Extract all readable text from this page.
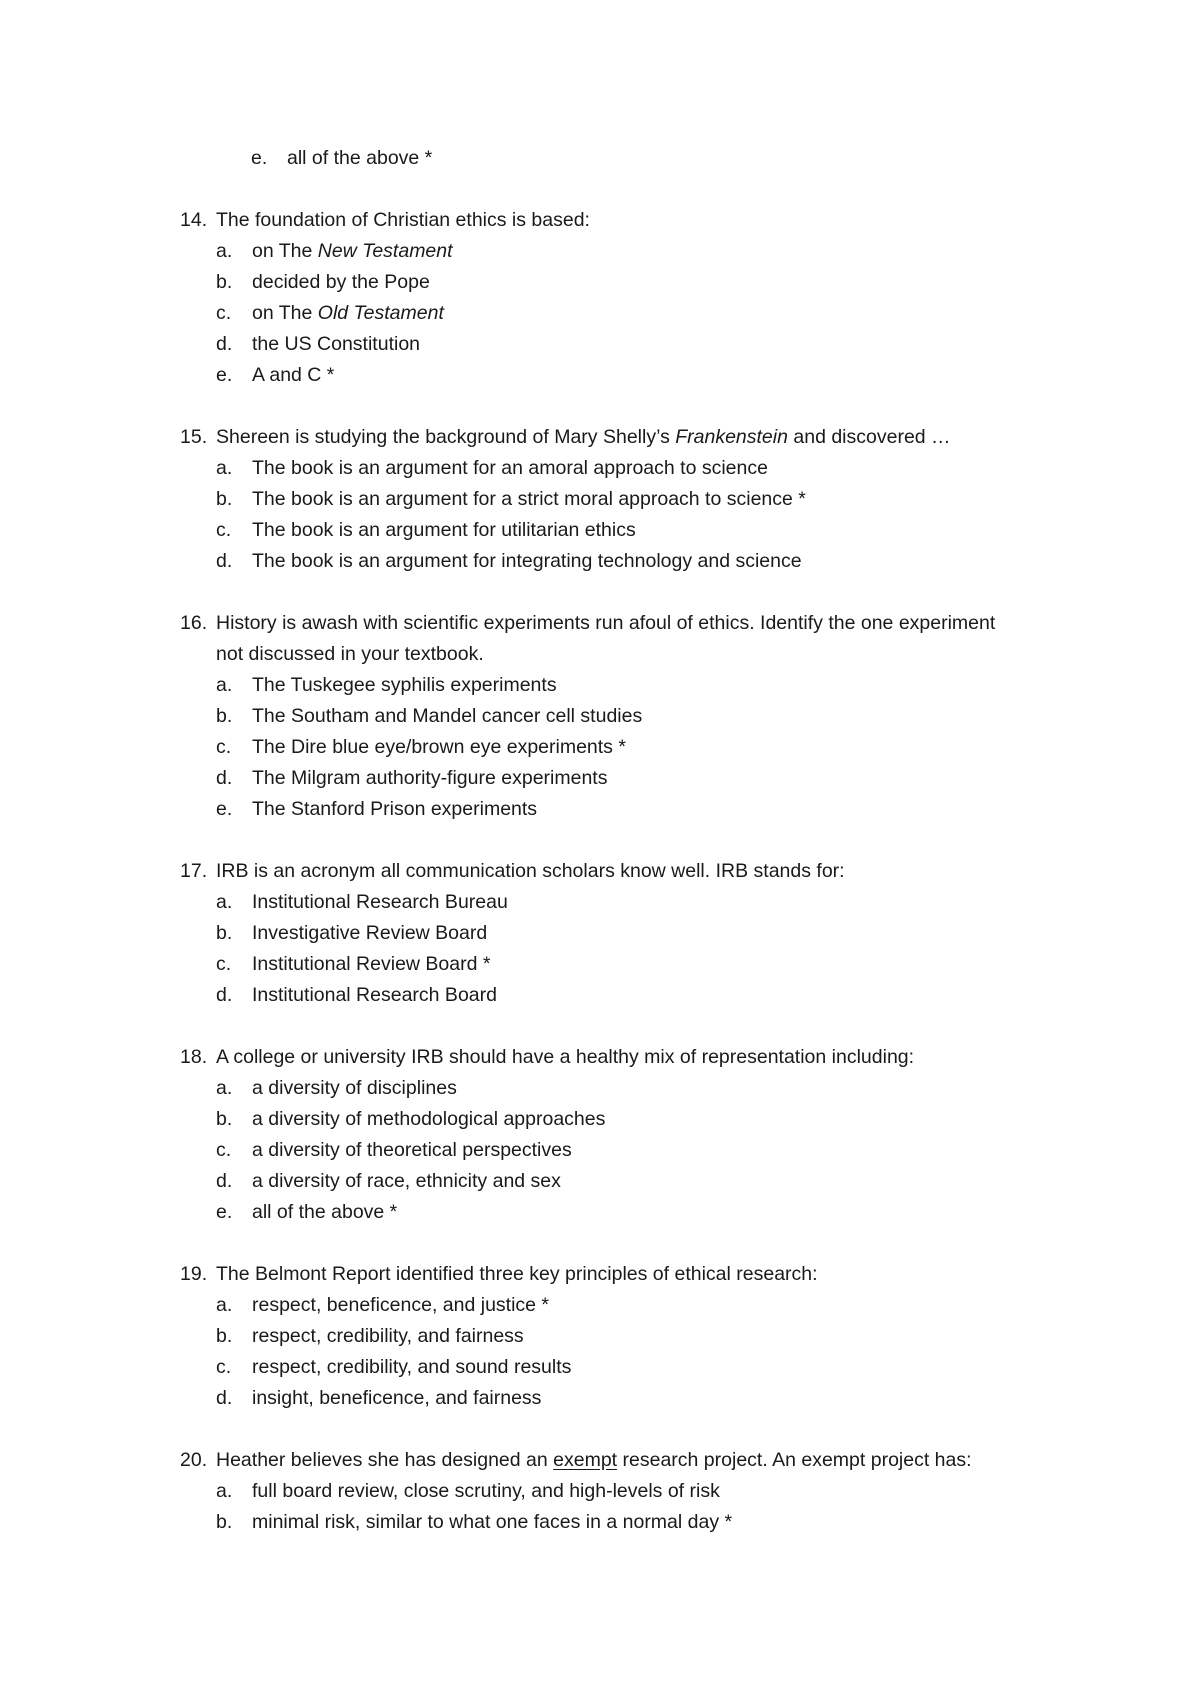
e. all of the above *
14. The foundation of Christian ethics is based:
a. on The New Testament
b. decided by the Pope
c. on The Old Testament
d. the US Constitution
e. A and C *
15. Shereen is studying the background of Mary Shelly’s Frankenstein and discovered …
a. The book is an argument for an amoral approach to science
b. The book is an argument for a strict moral approach to science *
c. The book is an argument for utilitarian ethics
d. The book is an argument for integrating technology and science
16. History is awash with scientific experiments run afoul of ethics. Identify the one experiment
not discussed in your textbook.
a. The Tuskegee syphilis experiments
b. The Southam and Mandel cancer cell studies
c. The Dire blue eye/brown eye experiments *
d. The Milgram authority-figure experiments
e. The Stanford Prison experiments
17. IRB is an acronym all communication scholars know well. IRB stands for:
a. Institutional Research Bureau
b. Investigative Review Board
c. Institutional Review Board *
d. Institutional Research Board
18. A college or university IRB should have a healthy mix of representation including:
a. a diversity of disciplines
b. a diversity of methodological approaches
c. a diversity of theoretical perspectives
d. a diversity of race, ethnicity and sex
e. all of the above *
19. The Belmont Report identified three key principles of ethical research:
a. respect, beneficence, and justice *
b. respect, credibility, and fairness
c. respect, credibility, and sound results
d. insight, beneficence, and fairness
20. Heather believes she has designed an exempt research project. An exempt project has:
a. full board review, close scrutiny, and high-levels of risk
b. minimal risk, similar to what one faces in a normal day *
